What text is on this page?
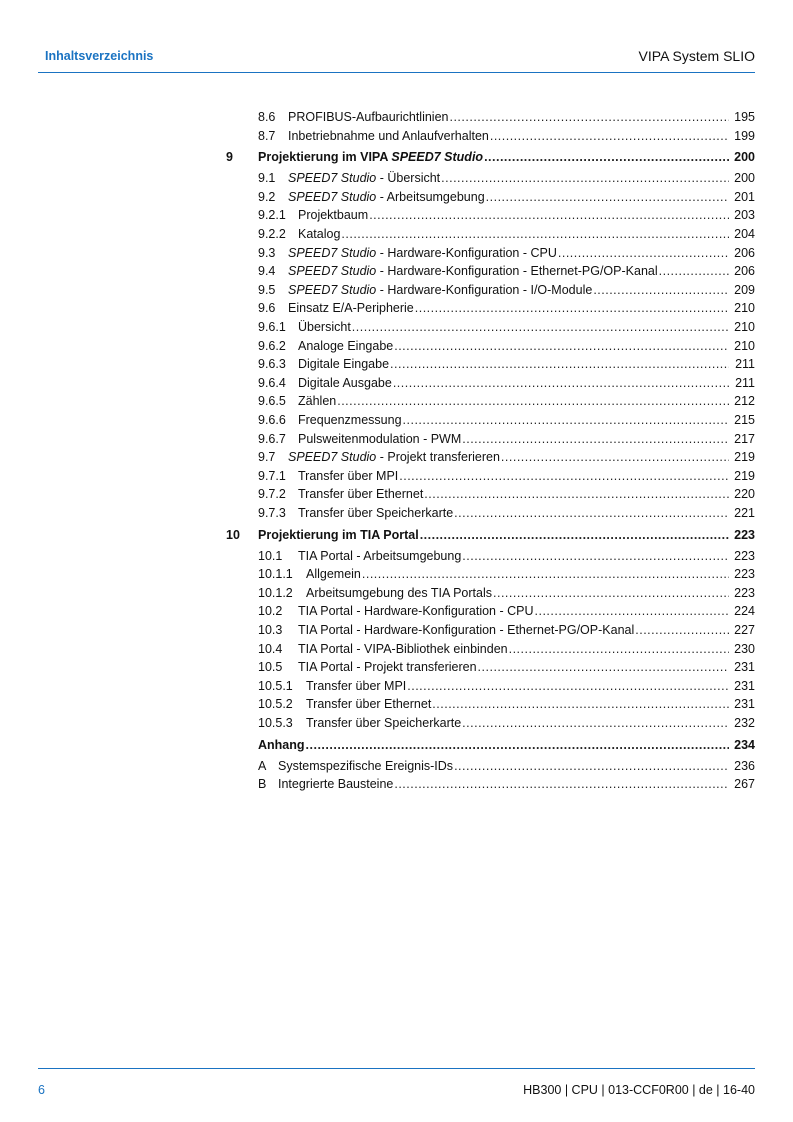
Inhaltsverzeichnis	VIPA System SLIO
8.6	PROFIBUS-Aufbaurichtlinien .....	195
8.7	Inbetriebnahme und Anlaufverhalten .....	199
9 Projektierung im VIPA SPEED7 Studio .....	200
9.1	SPEED7 Studio - Übersicht .....	200
9.2	SPEED7 Studio - Arbeitsumgebung .....	201
9.2.1 Projektbaum .....	203
9.2.2 Katalog .....	204
9.3	SPEED7 Studio - Hardware-Konfiguration - CPU .....	206
9.4	SPEED7 Studio - Hardware-Konfiguration - Ethernet-PG/OP-Kanal .....	206
9.5	SPEED7 Studio - Hardware-Konfiguration - I/O-Module .....	209
9.6	Einsatz E/A-Peripherie .....	210
9.6.1 Übersicht .....	210
9.6.2 Analoge Eingabe .....	210
9.6.3 Digitale Eingabe .....	211
9.6.4 Digitale Ausgabe .....	211
9.6.5 Zählen .....	212
9.6.6 Frequenzmessung .....	215
9.6.7 Pulsweitenmodulation - PWM .....	217
9.7	SPEED7 Studio - Projekt transferieren .....	219
9.7.1 Transfer über MPI .....	219
9.7.2 Transfer über Ethernet .....	220
9.7.3 Transfer über Speicherkarte .....	221
10 Projektierung im TIA Portal .....	223
10.1	TIA Portal - Arbeitsumgebung .....	223
10.1.1	Allgemein .....	223
10.1.2	Arbeitsumgebung des TIA Portals .....	223
10.2	TIA Portal - Hardware-Konfiguration - CPU .....	224
10.3	TIA Portal - Hardware-Konfiguration - Ethernet-PG/OP-Kanal .....	227
10.4	TIA Portal - VIPA-Bibliothek einbinden .....	230
10.5	TIA Portal - Projekt transferieren .....	231
10.5.1	Transfer über MPI .....	231
10.5.2	Transfer über Ethernet .....	231
10.5.3	Transfer über Speicherkarte .....	232
Anhang .....	234
A Systemspezifische Ereignis-IDs .....	236
B Integrierte Bausteine .....	267
6	HB300 | CPU | 013-CCF0R00 | de | 16-40
